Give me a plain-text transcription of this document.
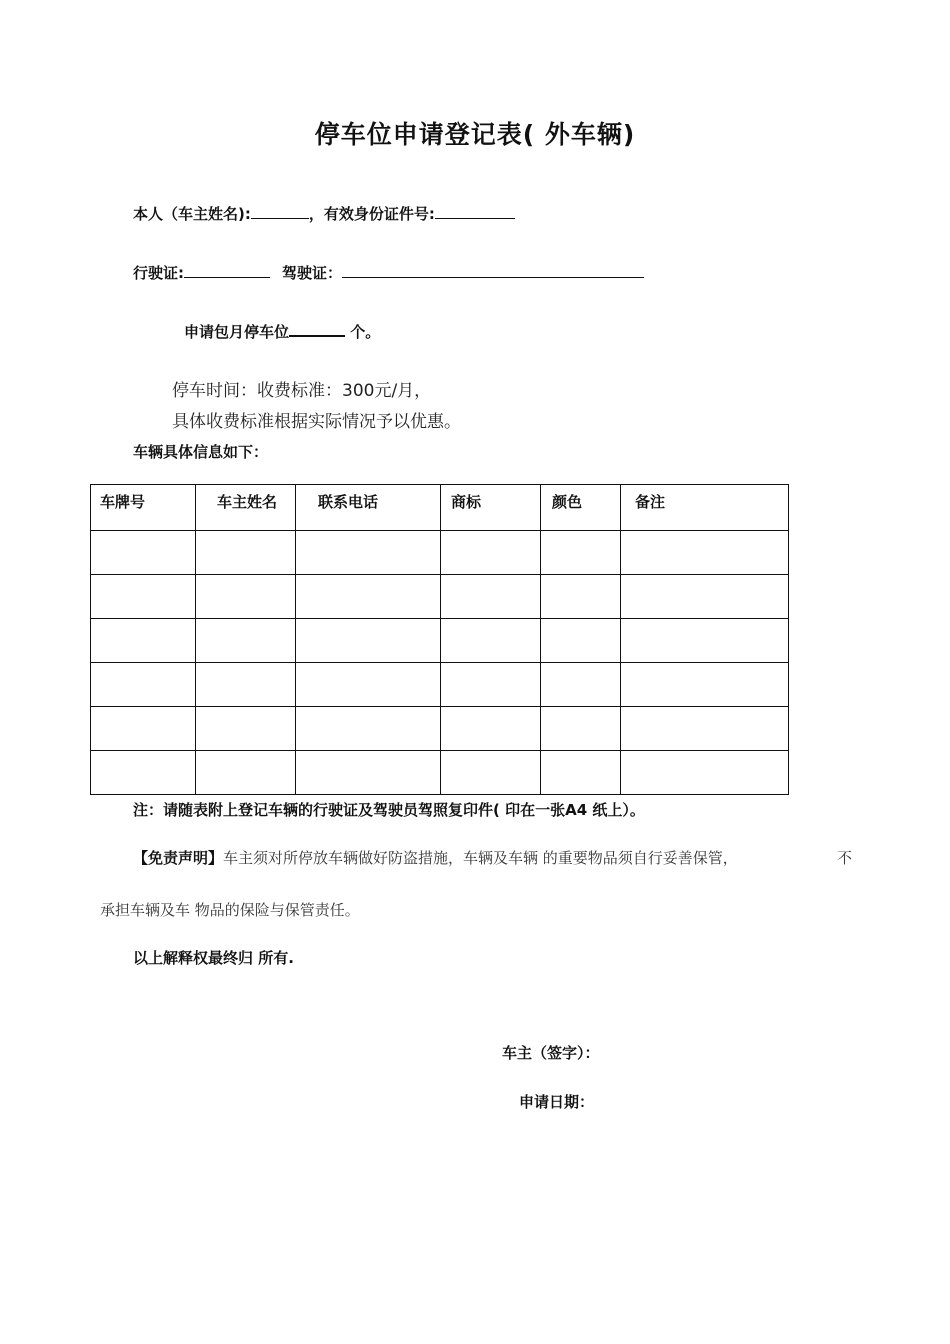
停车位申请登记表( 外车辆)
本人（车主姓名):	，有效身份证件号:
行驶证:	驾驶证：
申请包月停车位	个。
停车时间：收费标准：300元/月，
具体收费标准根据实际情况予以优惠。
车辆具体信息如下：
车牌号	车主姓名	联系电话	商标	颜色	备注

注：请随表附上登记车辆的行驶证及驾驶员驾照复印件( 印在一张A4 纸上）。
【免责声明】车主须对所停放车辆做好防盗措施，车辆及车辆 的重要物品须自行妥善保管，	不
承担车辆及车 物品的保险与保管责任。
以上解释权最终归 所有.
车主（签字）：
申请日期：
